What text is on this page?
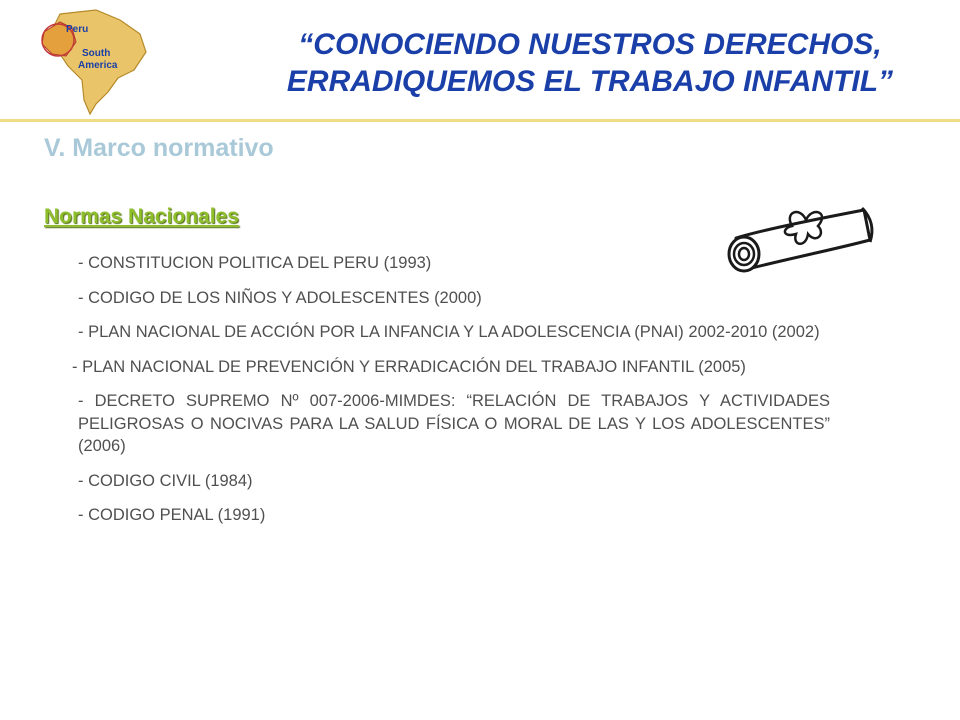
Peru
South
America
“CONOCIENDO NUESTROS DERECHOS,
ERRADIQUEMOS EL TRABAJO INFANTIL”
V. Marco normativo
Normas Nacionales
- CONSTITUCION POLITICA DEL PERU (1993)
- CODIGO DE LOS NIÑOS Y ADOLESCENTES (2000)
- PLAN NACIONAL DE ACCIÓN POR LA INFANCIA Y LA ADOLESCENCIA (PNAI) 2002-2010 (2002)
- PLAN NACIONAL DE PREVENCIÓN Y ERRADICACIÓN DEL TRABAJO INFANTIL (2005)
- DECRETO SUPREMO Nº 007-2006-MIMDES: “RELACIÓN DE TRABAJOS Y ACTIVIDADES PELIGROSAS O NOCIVAS PARA LA SALUD FÍSICA O MORAL DE LAS Y LOS ADOLESCENTES” (2006)
- CODIGO CIVIL (1984)
- CODIGO PENAL (1991)
